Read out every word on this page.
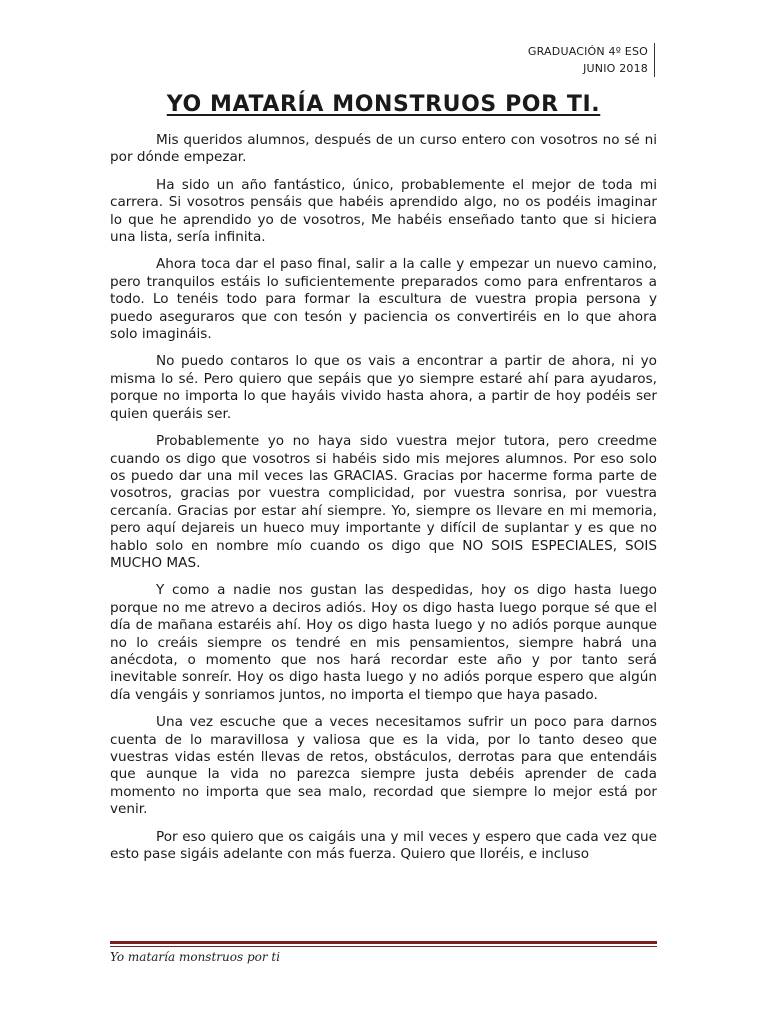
GRADUACIÓN 4º ESO
JUNIO 2018
YO MATARÍA MONSTRUOS POR TI.

Mis queridos alumnos, después de un curso entero con vosotros no sé ni por dónde empezar.

Ha sido un año fantástico, único, probablemente el mejor de toda mi carrera. Si vosotros pensáis que habéis aprendido algo, no os podéis imaginar lo que he aprendido yo de vosotros, Me habéis enseñado tanto que si hiciera una lista, sería infinita.

Ahora toca dar el paso final, salir a la calle y empezar un nuevo camino, pero tranquilos estáis lo suficientemente preparados como para enfrentaros a todo. Lo tenéis todo para formar la escultura de vuestra propia persona y puedo aseguraros que con tesón y paciencia os convertiréis en lo que ahora solo imagináis.

No puedo contaros lo que os vais a encontrar a partir de ahora, ni yo misma lo sé. Pero quiero que sepáis que yo siempre estaré ahí para ayudaros, porque no importa lo que hayáis vivido hasta ahora, a partir de hoy podéis ser quien queráis ser.

Probablemente yo no haya sido vuestra mejor tutora, pero creedme cuando os digo que vosotros si habéis sido mis mejores alumnos. Por eso solo os puedo dar una mil veces las GRACIAS. Gracias por hacerme forma parte de vosotros, gracias por vuestra complicidad, por vuestra sonrisa, por vuestra cercanía. Gracias por estar ahí siempre. Yo, siempre os llevare en mi memoria, pero aquí dejareis un hueco muy importante y difícil de suplantar y es que no hablo solo en nombre mío cuando os digo que NO SOIS ESPECIALES, SOIS MUCHO MAS.

Y como a nadie nos gustan las despedidas, hoy os digo hasta luego porque no me atrevo a deciros adiós. Hoy os digo hasta luego porque sé que el día de mañana estaréis ahí. Hoy os digo hasta luego y no adiós porque aunque no lo creáis siempre os tendré en mis pensamientos, siempre habrá una anécdota, o momento que nos hará recordar este año y por tanto será inevitable sonreír. Hoy os digo hasta luego y no adiós porque espero que algún día vengáis y sonriamos juntos, no importa el tiempo que haya pasado.

Una vez escuche que a veces necesitamos sufrir un poco para darnos cuenta de lo maravillosa y valiosa que es la vida, por lo tanto deseo que vuestras vidas estén llevas de retos, obstáculos, derrotas para que entendáis que aunque la vida no parezca siempre justa debéis aprender de cada momento no importa que sea malo, recordad que siempre lo mejor está por venir.

Por eso quiero que os caigáis una y mil veces y espero que cada vez que esto pase sigáis adelante con más fuerza. Quiero que lloréis, e incluso

Yo mataría monstruos por ti
